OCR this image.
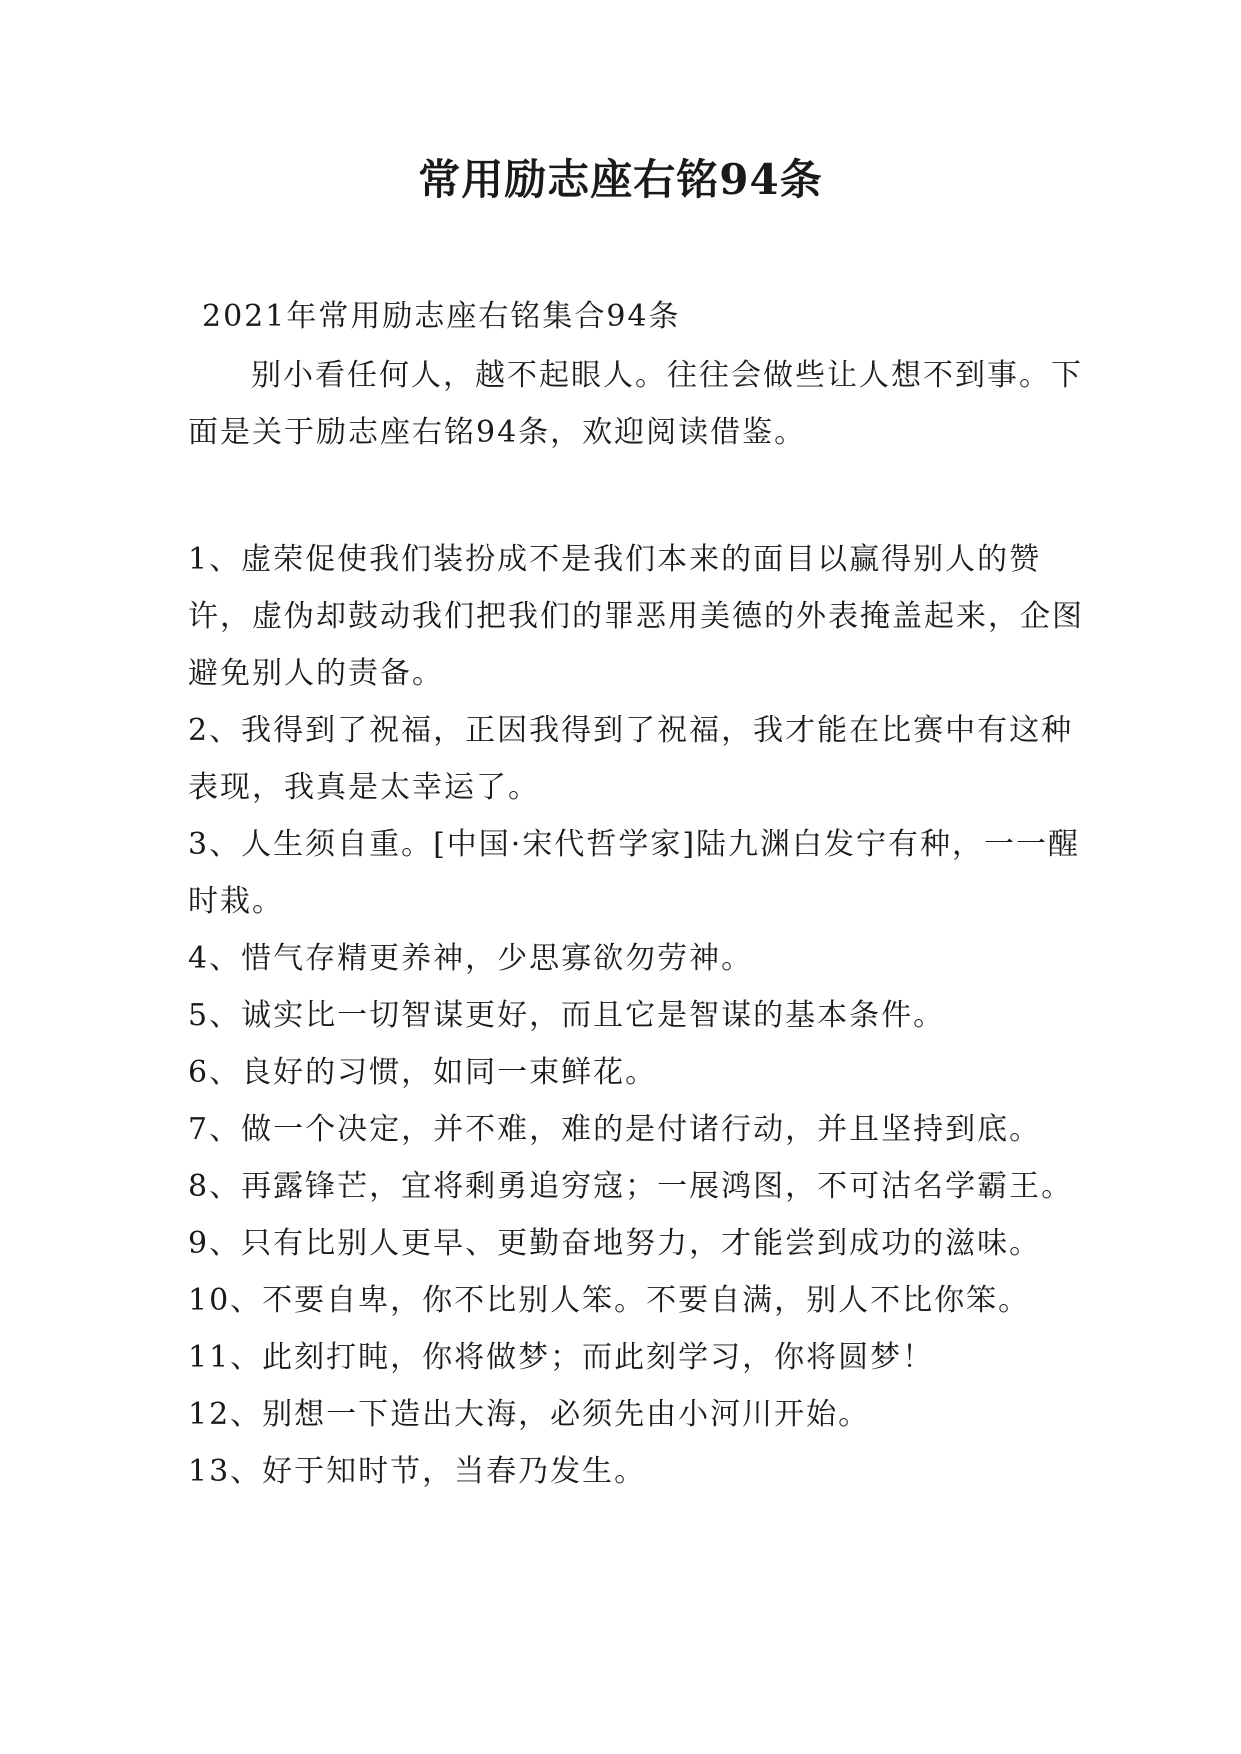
常用励志座右铭94条

2021年常用励志座右铭集合94条

别小看任何人，越不起眼人。往往会做些让人想不到事。下面是关于励志座右铭94条，欢迎阅读借鉴。

1、虚荣促使我们装扮成不是我们本来的面目以赢得别人的赞许，虚伪却鼓动我们把我们的罪恶用美德的外表掩盖起来，企图避免别人的责备。
2、我得到了祝福，正因我得到了祝福，我才能在比赛中有这种表现，我真是太幸运了。
3、人生须自重。[中国·宋代哲学家]陆九渊白发宁有种，一一醒时栽。
4、惜气存精更养神，少思寡欲勿劳神。
5、诚实比一切智谋更好，而且它是智谋的基本条件。
6、良好的习惯，如同一束鲜花。
7、做一个决定，并不难，难的是付诸行动，并且坚持到底。
8、再露锋芒，宜将剩勇追穷寇；一展鸿图，不可沽名学霸王。
9、只有比别人更早、更勤奋地努力，才能尝到成功的滋味。
10、不要自卑，你不比别人笨。不要自满，别人不比你笨。
11、此刻打盹，你将做梦；而此刻学习，你将圆梦！
12、别想一下造出大海，必须先由小河川开始。
13、好于知时节，当春乃发生。
